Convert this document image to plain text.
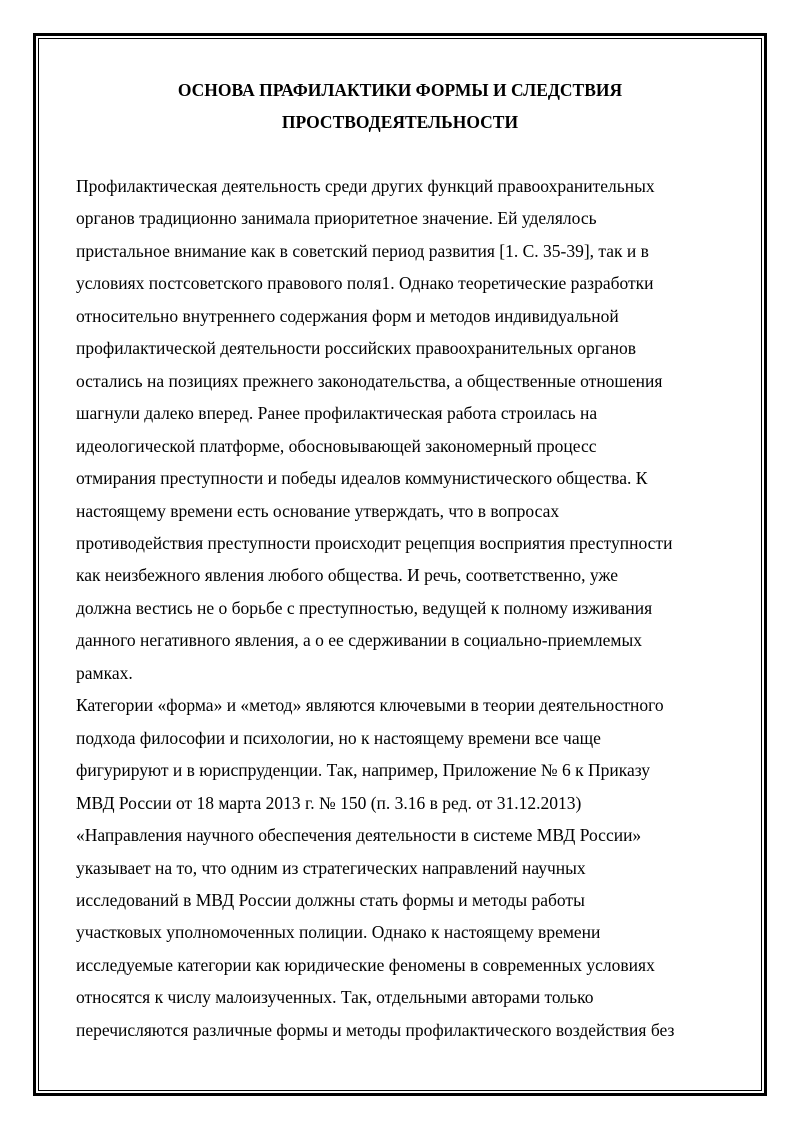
ОСНОВА ПРАФИЛАКТИКИ ФОРМЫ И СЛЕДСТВИЯ
ПРОСТВОДЕЯТЕЛЬНОСТИ
Профилактическая деятельность среди других функций правоохранительных
органов традиционно занимала приоритетное значение. Ей уделялось
пристальное внимание как в советский период развития [1. С. 35-39], так и в
условиях постсоветского правового поля1. Однако теоретические разработки
относительно внутреннего содержания форм и методов индивидуальной
профилактической деятельности российских правоохранительных органов
остались на позициях прежнего законодательства, а общественные отношения
шагнули далеко вперед. Ранее профилактическая работа строилась на
идеологической платформе, обосновывающей закономерный процесс
отмирания преступности и победы идеалов коммунистического общества. К
настоящему времени есть основание утверждать, что в вопросах
противодействия преступности происходит рецепция восприятия преступности
как неизбежного явления любого общества. И речь, соответственно, уже
должна вестись не о борьбе с преступностью, ведущей к полному изживания
данного негативного явления, а о ее сдерживании в социально-приемлемых
рамках.
Категории «форма» и «метод» являются ключевыми в теории деятельностного
подхода философии и психологии, но к настоящему времени все чаще
фигурируют и в юриспруденции. Так, например, Приложение № 6 к Приказу
МВД России от 18 марта 2013 г. № 150 (п. 3.16 в ред. от 31.12.2013)
«Направления научного обеспечения деятельности в системе МВД России»
указывает на то, что одним из стратегических направлений научных
исследований в МВД России должны стать формы и методы работы
участковых уполномоченных полиции. Однако к настоящему времени
исследуемые категории как юридические феномены в современных условиях
относятся к числу малоизученных. Так, отдельными авторами только
перечисляются различные формы и методы профилактического воздействия без
